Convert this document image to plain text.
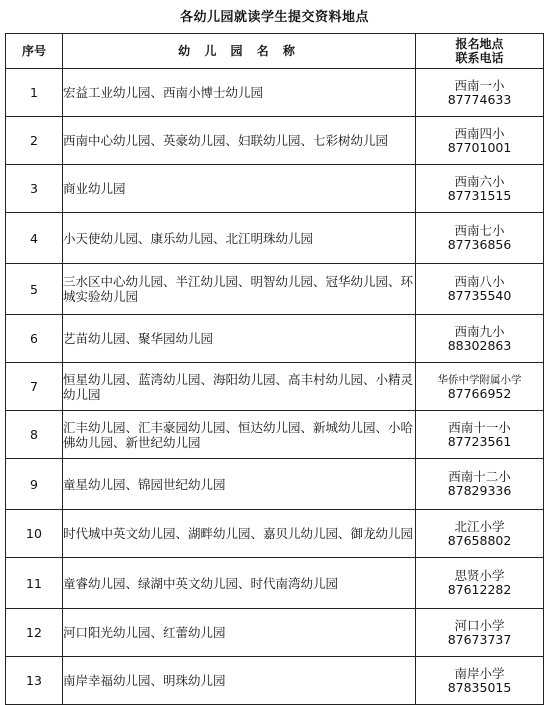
各幼儿园就读学生提交资料地点
序号	幼 儿 园 名 称	报名地点
联系电话

1	宏益工业幼儿园、西南小博士幼儿园	西南一小
87774633

2	西南中心幼儿园、英豪幼儿园、妇联幼儿园、七彩树幼儿园	西南四小
87701001

3	商业幼儿园	西南六小
87731515

4	小天使幼儿园、康乐幼儿园、北江明珠幼儿园	西南七小
87736856

5	三水区中心幼儿园、半江幼儿园、明智幼儿园、冠华幼儿园、环城实验幼儿园	西南八小
87735540

6	艺苗幼儿园、聚华园幼儿园	西南九小
88302863

7	恒星幼儿园、蓝湾幼儿园、海阳幼儿园、高丰村幼儿园、小精灵幼儿园	华侨中学附属小学
87766952

8	汇丰幼儿园、汇丰豪园幼儿园、恒达幼儿园、新城幼儿园、小哈佛幼儿园、新世纪幼儿园	西南十一小
87723561

9	童星幼儿园、锦园世纪幼儿园	西南十二小
87829336

10	时代城中英文幼儿园、湖畔幼儿园、嘉贝儿幼儿园、御龙幼儿园	北江小学
87658802

11	童睿幼儿园、绿湖中英文幼儿园、时代南湾幼儿园	思贤小学
87612282

12	河口阳光幼儿园、红蕾幼儿园	河口小学
87673737

13	南岸幸福幼儿园、明珠幼儿园	南岸小学
87835015
